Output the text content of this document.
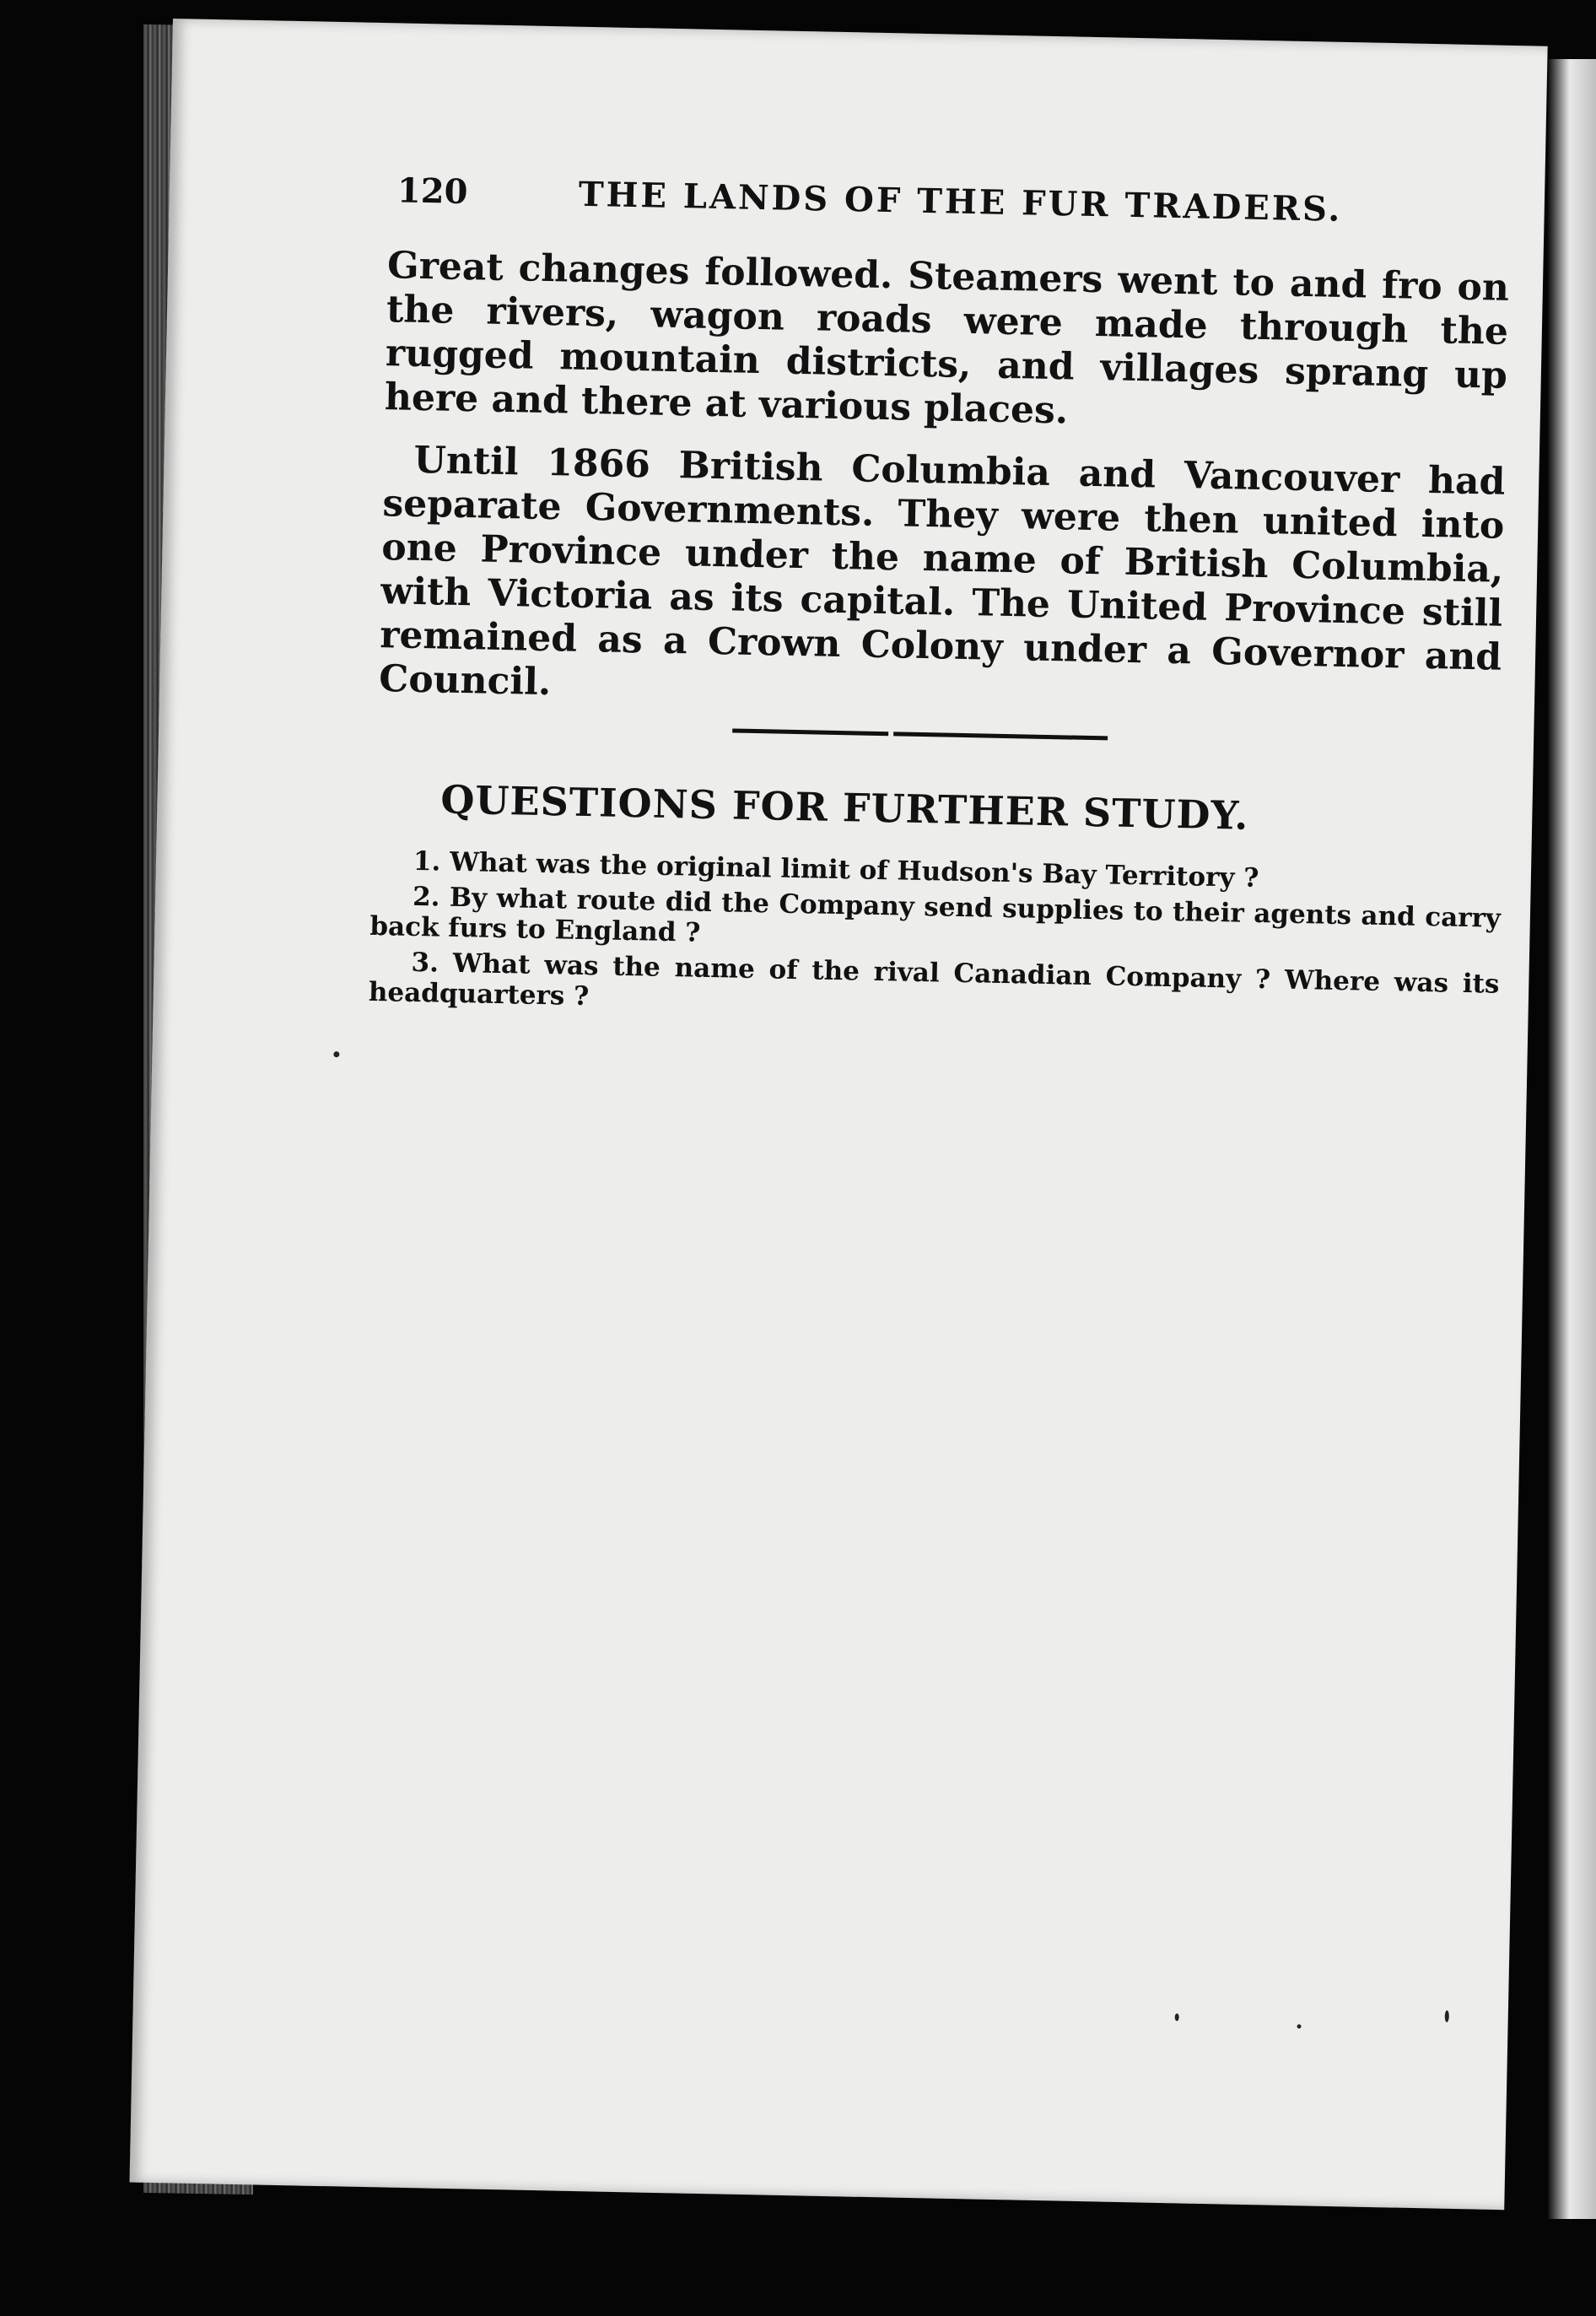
120	THE LANDS OF THE FUR TRADERS.

Great changes followed. Steamers went to and fro on the rivers, wagon roads were made through the rugged mountain districts, and villages sprang up here and there at various places.

Until 1866 British Columbia and Vancouver had separate Governments. They were then united into one Province under the name of British Columbia, with Victoria as its capital. The United Province still remained as a Crown Colony under a Governor and Council.

QUESTIONS FOR FURTHER STUDY.
1. What was the original limit of Hudson's Bay Territory ?
2. By what route did the Company send supplies to their agents and carry back furs to England ?
3. What was the name of the rival Canadian Company ? Where was its headquarters ?
